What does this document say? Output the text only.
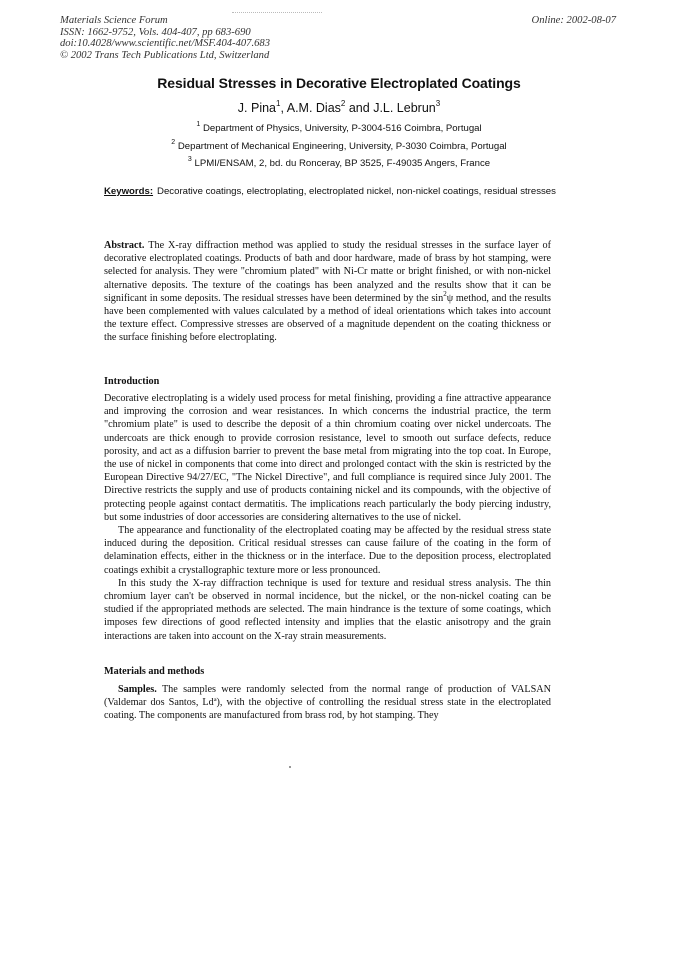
Materials Science Forum
ISSN: 1662-9752, Vols. 404-407, pp 683-690
doi:10.4028/www.scientific.net/MSF.404-407.683
© 2002 Trans Tech Publications Ltd, Switzerland
Online: 2002-08-07
Residual Stresses in Decorative Electroplated Coatings
J. Pina$^1$, A.M. Dias$^2$ and J.L. Lebrun$^3$
$^1$ Department of Physics, University, P-3004-516 Coimbra, Portugal
$^2$ Department of Mechanical Engineering, University, P-3030 Coimbra, Portugal
$^3$ LPMI/ENSAM, 2, bd. du Ronceray, BP 3525, F-49035 Angers, France
Keywords: Decorative coatings, electroplating, electroplated nickel, non-nickel coatings, residual stresses
Abstract. The X-ray diffraction method was applied to study the residual stresses in the surface layer of decorative electroplated coatings. Products of bath and door hardware, made of brass by hot stamping, were selected for analysis. They were "chromium plated" with Ni-Cr matte or bright finished, or with non-nickel alternative deposits. The texture of the coatings has been analyzed and the results show that it can be significant in some deposits. The residual stresses have been determined by the $\sin^2\psi$ method, and the results have been complemented with values calculated by a method of ideal orientations which takes into account the texture effect. Compressive stresses are observed of a magnitude dependent on the coating thickness or the surface finishing before electroplating.
Introduction

Decorative electroplating is a widely used process for metal finishing, providing a fine attractive appearance and improving the corrosion and wear resistances. In which concerns the industrial practice, the term "chromium plate" is used to describe the deposit of a thin chromium coating over nickel undercoats. The undercoats are thick enough to provide corrosion resistance, level to smooth out surface defects, reduce porosity, and act as a diffusion barrier to prevent the base metal from migrating into the top coat. In Europe, the use of nickel in components that come into direct and prolonged contact with the skin is restricted by the European Directive 94/27/EC, "The Nickel Directive", and full compliance is required since July 2001. The Directive restricts the supply and use of products containing nickel and its compounds, with the objective of protecting people against contact dermatitis. The implications reach particularly the body piercing industry, but some industries of door accessories are considering alternatives to the use of nickel.

The appearance and functionality of the electroplated coating may be affected by the residual stress state induced during the deposition. Critical residual stresses can cause failure of the coating in the form of delamination effects, either in the thickness or in the interface. Due to the deposition process, electroplated coatings exhibit a crystallographic texture more or less pronounced.

In this study the X-ray diffraction technique is used for texture and residual stress analysis. The thin chromium layer can't be observed in normal incidence, but the nickel, or the non-nickel coating can be studied if the appropriated methods are selected. The main hindrance is the texture of some coatings, which imposes few directions of good reflected intensity and implies that the elastic anisotropy and the grain interactions are taken into account on the X-ray strain measurements.

Materials and methods

Samples. The samples were randomly selected from the normal range of production of VALSAN (Valdemar dos Santos, Ldª), with the objective of controlling the residual stress state in the electroplated coating. The components are manufactured from brass rod, by hot stamping. They
